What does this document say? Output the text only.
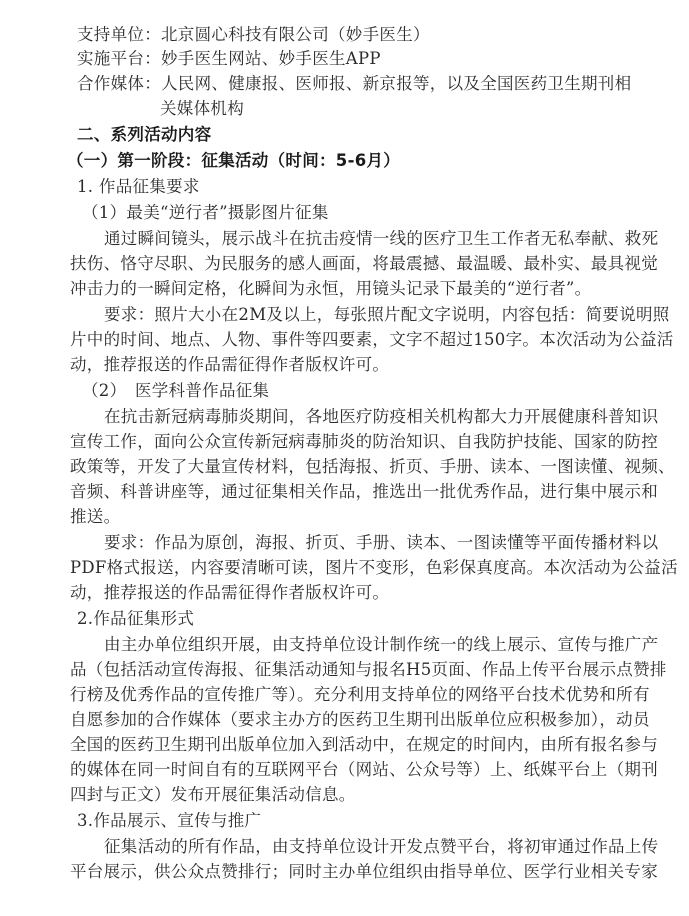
支持单位：北京圆心科技有限公司（妙手医生）
实施平台：妙手医生网站、妙手医生APP
合作媒体：人民网、健康报、医师报、新京报等，以及全国医药卫生期刊相
关媒体机构
二、系列活动内容
（一）第一阶段：征集活动（时间：5-6月）
1. 作品征集要求
（1）最美“逆行者”摄影图片征集
通过瞬间镜头，展示战斗在抗击疫情一线的医疗卫生工作者无私奉献、救死
扶伤、恪守尽职、为民服务的感人画面，将最震撼、最温暖、最朴实、最具视觉
冲击力的一瞬间定格，化瞬间为永恒，用镜头记录下最美的“逆行者”。
要求：照片大小在2M及以上，每张照片配文字说明，内容包括：简要说明照
片中的时间、地点、人物、事件等四要素，文字不超过150字。本次活动为公益活
动，推荐报送的作品需征得作者版权许可。
（2）　医学科普作品征集
在抗击新冠病毒肺炎期间，各地医疗防疫相关机构都大力开展健康科普知识
宣传工作，面向公众宣传新冠病毒肺炎的防治知识、自我防护技能、国家的防控
政策等，开发了大量宣传材料，包括海报、折页、手册、读本、一图读懂、视频、
音频、科普讲座等，通过征集相关作品，推选出一批优秀作品，进行集中展示和
推送。
要求：作品为原创，海报、折页、手册、读本、一图读懂等平面传播材料以
PDF格式报送，内容要清晰可读，图片不变形，色彩保真度高。本次活动为公益活
动，推荐报送的作品需征得作者版权许可。
2.作品征集形式
由主办单位组织开展，由支持单位设计制作统一的线上展示、宣传与推广产
品（包括活动宣传海报、征集活动通知与报名H5页面、作品上传平台展示点赞排
行榜及优秀作品的宣传推广等）。充分利用支持单位的网络平台技术优势和所有
自愿参加的合作媒体（要求主办方的医药卫生期刊出版单位应积极参加），动员
全国的医药卫生期刊出版单位加入到活动中，在规定的时间内，由所有报名参与
的媒体在同一时间自有的互联网平台（网站、公众号等）上、纸媒平台上（期刊
四封与正文）发布开展征集活动信息。
3.作品展示、宣传与推广
征集活动的所有作品，由支持单位设计开发点赞平台，将初审通过作品上传
平台展示，供公众点赞排行；同时主办单位组织由指导单位、医学行业相关专家
